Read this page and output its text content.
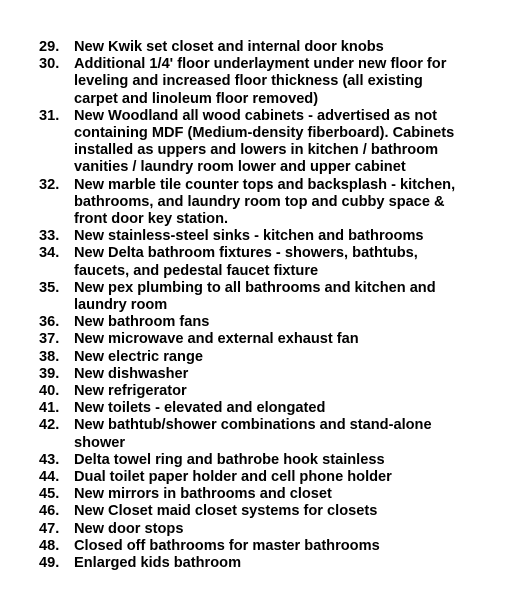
29.	New Kwik set closet and internal door knobs
30.	Additional 1/4' floor underlayment under new floor for leveling and increased floor thickness (all existing carpet and linoleum floor removed)
31.	New Woodland all wood cabinets - advertised as not containing MDF (Medium-density fiberboard). Cabinets installed as uppers and lowers in kitchen / bathroom vanities / laundry room lower and upper cabinet
32.	New marble tile counter tops and backsplash - kitchen, bathrooms, and laundry room top and cubby space & front door key station.
33.	New stainless-steel sinks - kitchen and bathrooms
34.	New Delta bathroom fixtures - showers, bathtubs, faucets, and pedestal faucet fixture
35.	New pex plumbing to all bathrooms and kitchen and laundry room
36.	New bathroom fans
37.	New microwave and external exhaust fan
38.	New electric range
39.	New dishwasher
40.	New refrigerator
41.	New toilets - elevated and elongated
42.	New bathtub/shower combinations and stand-alone shower
43.	Delta towel ring and bathrobe hook stainless
44.	Dual toilet paper holder and cell phone holder
45.	New mirrors in bathrooms and closet
46.	New Closet maid closet systems for closets
47.	New door stops
48.	Closed off bathrooms for master bathrooms
49.	Enlarged kids bathroom
